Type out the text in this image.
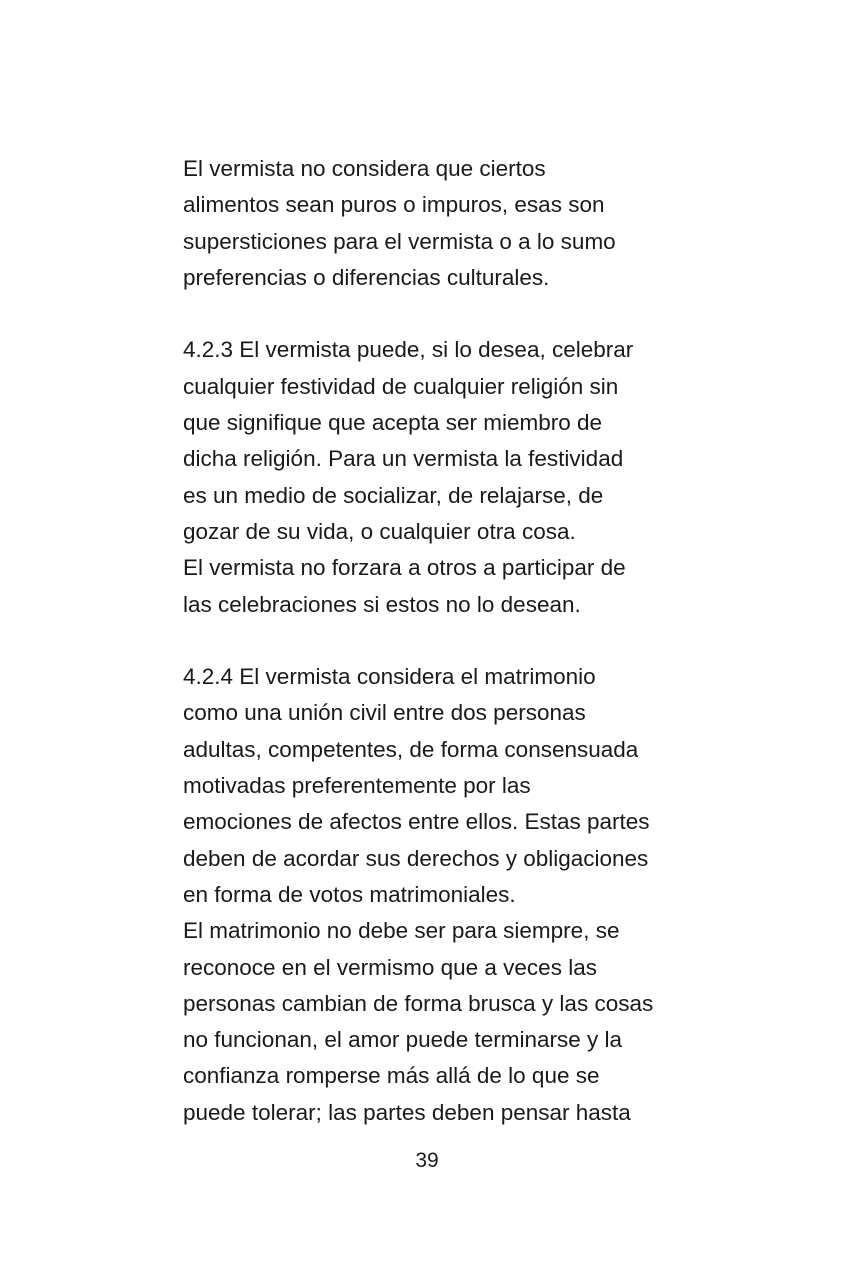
El vermista no considera que ciertos
alimentos sean puros o impuros, esas son
supersticiones para el vermista o a lo sumo
preferencias o diferencias culturales.
4.2.3 El vermista puede, si lo desea, celebrar
cualquier festividad de cualquier religión sin
que signifique que acepta ser miembro de
dicha religión. Para un vermista la festividad
es un medio de socializar, de relajarse, de
gozar de su vida, o cualquier otra cosa.
El vermista no forzara a otros a participar de
las celebraciones si estos no lo desean.
4.2.4 El vermista considera el matrimonio
como una unión civil entre dos personas
adultas, competentes, de forma consensuada
motivadas preferentemente por las
emociones de afectos entre ellos. Estas partes
deben de acordar sus derechos y obligaciones
en forma de votos matrimoniales.
El matrimonio no debe ser para siempre, se
reconoce en el vermismo que a veces las
personas cambian de forma brusca y las cosas
no funcionan, el amor puede terminarse y la
confianza romperse más allá de lo que se
puede tolerar; las partes deben pensar hasta
39
